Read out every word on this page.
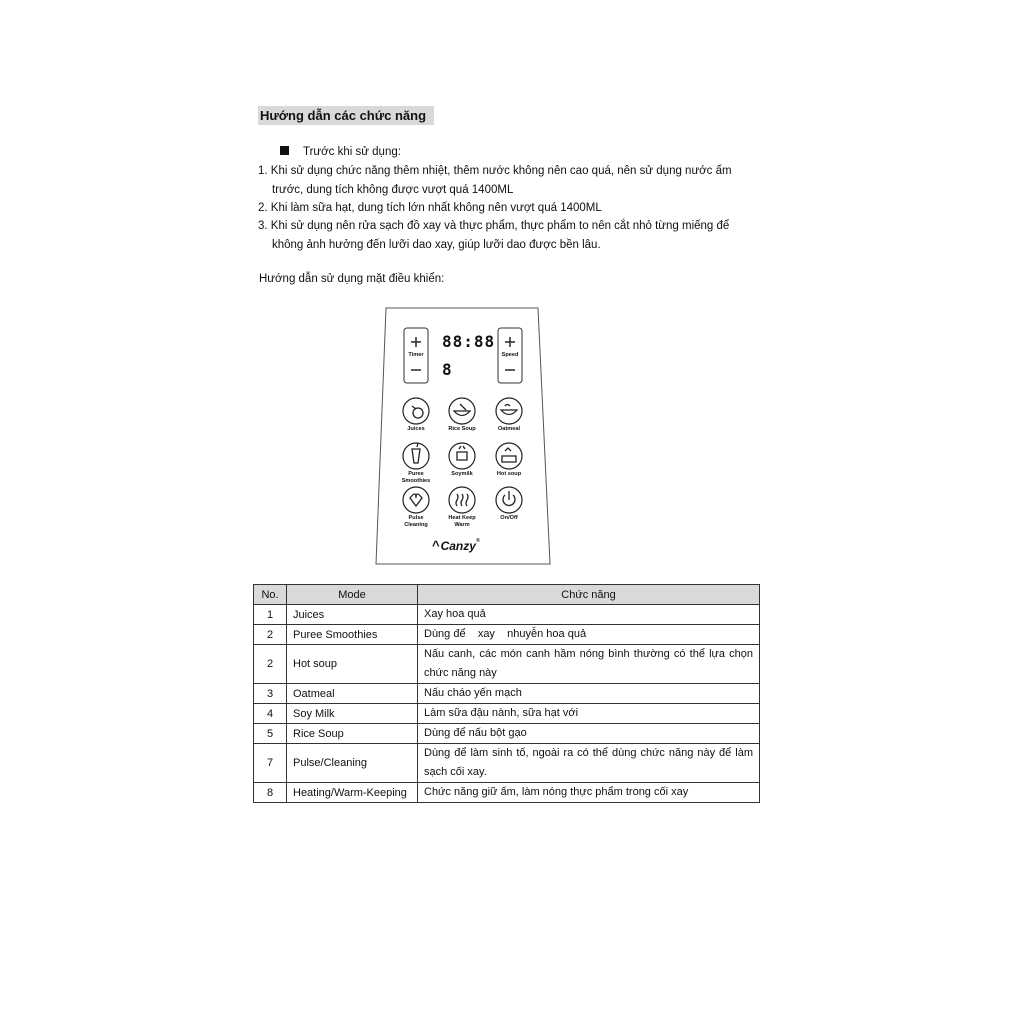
Hướng dẫn các chức năng
Trước khi sử dụng:
1. Khi sử dụng chức năng thêm nhiệt, thêm nước không nên cao quá, nên sử dụng nước ấm
trước, dung tích không được vượt quá 1400ML
2. Khi làm sữa hạt, dung tích lớn nhất không nên vượt quá 1400ML
3. Khi sử dụng nên rửa sạch đồ xay và thực phẩm, thực phẩm to nên cắt nhỏ từng miếng để
không ảnh hưởng đến lưỡi dao xay, giúp lưỡi dao được bền lâu.
Hướng dẫn sử dụng mặt điều khiển:
Timer	Speed
88:88
8
Juices	Rice Soup	Oatmeal
Puree Smoothies
Soymilk	Hot soup
Pulse Cleaning
Heat Keep Warm
On/Off
^Canzy®
No.	Mode	Chức năng
1	Juices	Xay hoa quả
2	Puree Smoothies	Dùng để    xay    nhuyễn hoa quả
2	Hot soup	Nấu canh, các món canh hầm nóng bình thường có thể lựa chọn chức năng này
3	Oatmeal	Nấu cháo yến mạch
4	Soy Milk	Làm sữa đậu nành, sữa hạt với
5	Rice Soup	Dùng để nấu bột gạo
7	Pulse/Cleaning	Dùng để làm sinh tố, ngoài ra có thể dùng chức năng này để làm sạch cối xay.
8	Heating/Warm-Keeping	Chức năng giữ ấm, làm nóng thực phẩm trong cối xay
